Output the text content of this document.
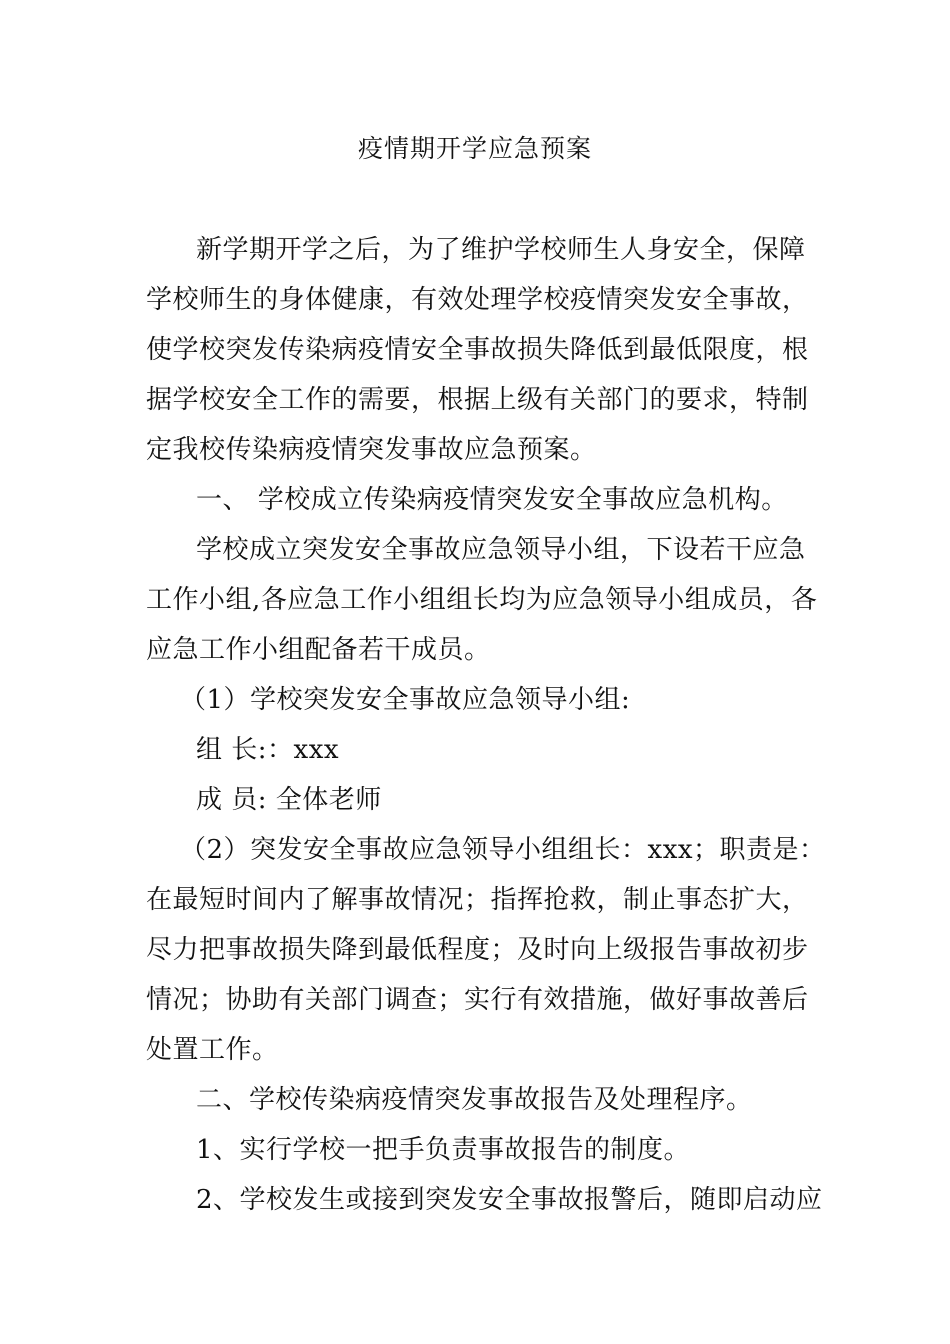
疫情期开学应急预案
新学期开学之后，为了维护学校师生人身安全，保障
学校师生的身体健康，有效处理学校疫情突发安全事故，
使学校突发传染病疫情安全事故损失降低到最低限度，根
据学校安全工作的需要，根据上级有关部门的要求，特制
定我校传染病疫情突发事故应急预案。
一、 学校成立传染病疫情突发安全事故应急机构。
学校成立突发安全事故应急领导小组，下设若干应急
工作小组,各应急工作小组组长均为应急领导小组成员，各
应急工作小组配备若干成员。
（1）学校突发安全事故应急领导小组:
组 长:：xxx
成 员: 全体老师
（2）突发安全事故应急领导小组组长：xxx；职责是：
在最短时间内了解事故情况；指挥抢救，制止事态扩大，
尽力把事故损失降到最低程度；及时向上级报告事故初步
情况；协助有关部门调查；实行有效措施，做好事故善后
处置工作。
二、学校传染病疫情突发事故报告及处理程序。
1、实行学校一把手负责事故报告的制度。
2、学校发生或接到突发安全事故报警后，随即启动应
